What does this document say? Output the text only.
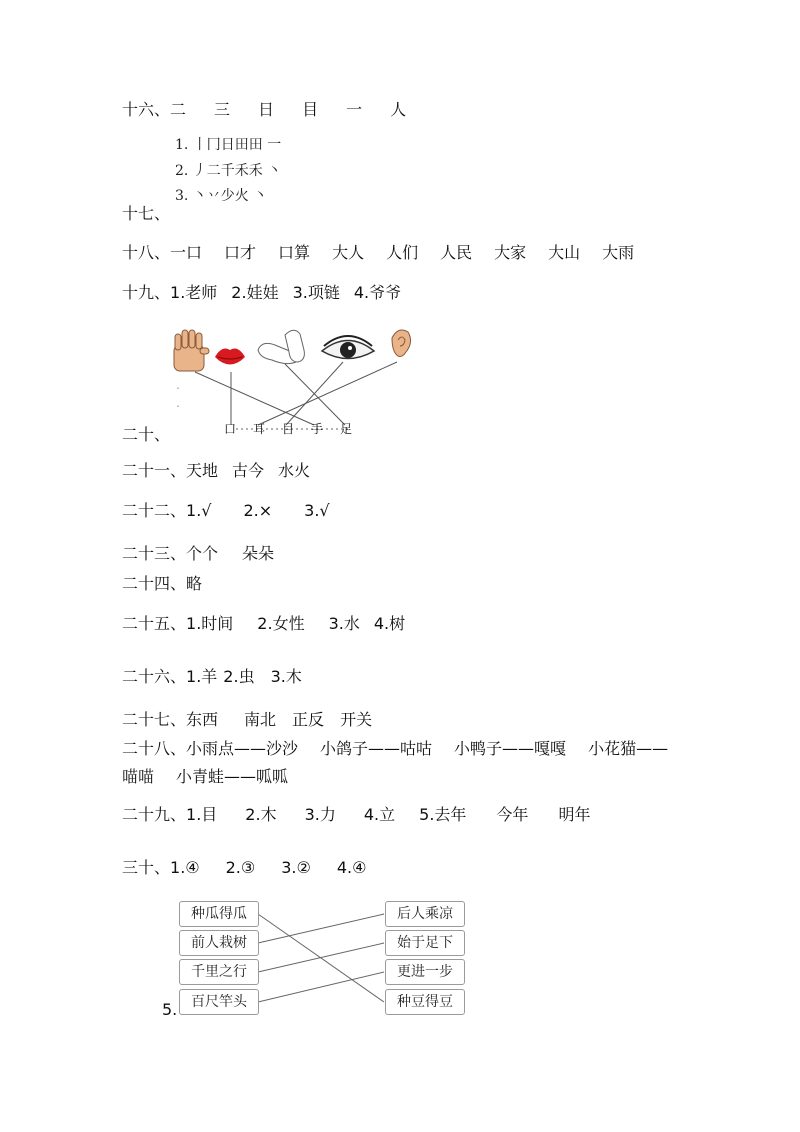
十六、二 三 日 目 一 人
1. 丨冂日田田 一
2. 丿二千禾禾 丶
3. 丶丷少火 丶
十七、
十八、一口 口才 口算 大人 人们 人民 大家 大山 大雨
十九、1.老师 2.娃娃 3.项链 4.爷爷
ˇ
ˇ
二十、	口 耳 目 手 足
二十一、天地 古今 水火
二十二、1.√ 2.× 3.√
二十三、个个 朵朵
二十四、略
二十五、1.时间 2.女性 3.水 4.树
二十六、1.羊 2.虫 3.木
二十七、东西 南北 正反 开关
二十八、小雨点——沙沙 小鸽子——咕咕 小鸭子——嘎嘎 小花猫——
喵喵 小青蛙——呱呱
二十九、1.目 2.木 3.力 4.立 5.去年 今年 明年
三十、1.④ 2.③ 3.② 4.④
种瓜得瓜
前人栽树
千里之行
百尺竿头
后人乘凉
始于足下
更进一步
种豆得豆
5.
